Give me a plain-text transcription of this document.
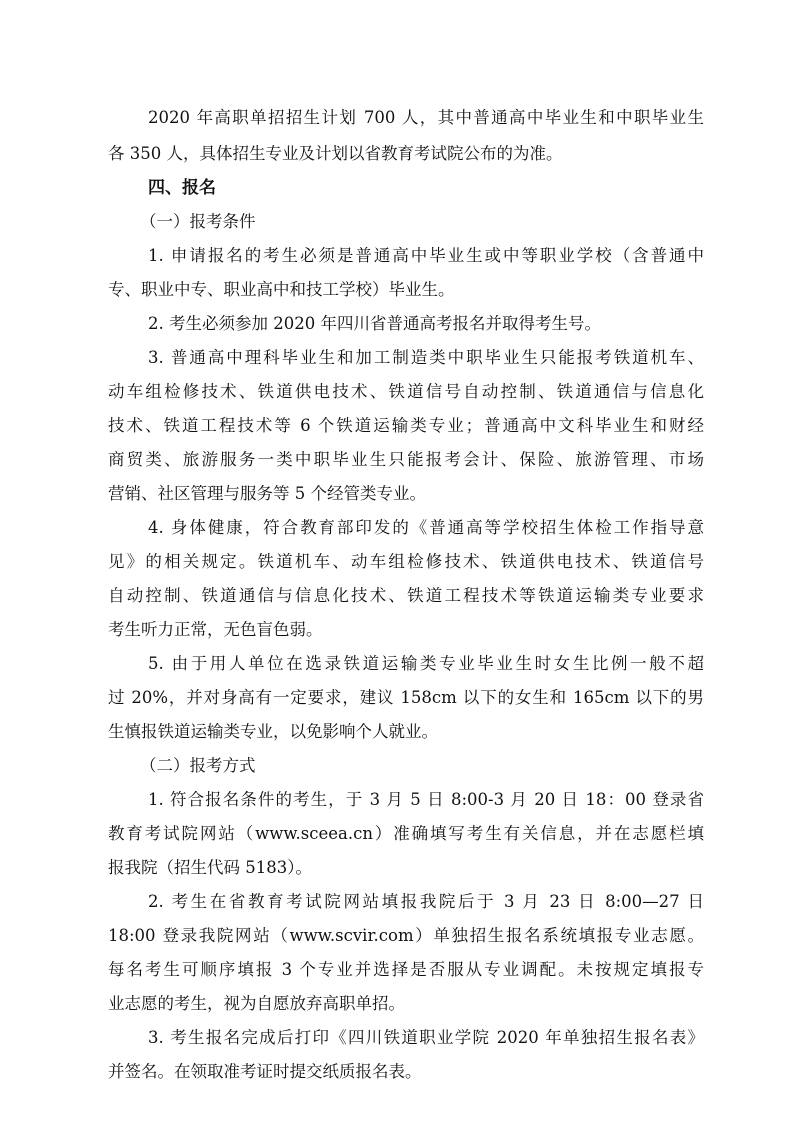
2020 年高职单招招生计划 700 人，其中普通高中毕业生和中职毕业生
各 350 人，具体招生专业及计划以省教育考试院公布的为准。
四、报名
（一）报考条件
1. 申请报名的考生必须是普通高中毕业生或中等职业学校（含普通中
专、职业中专、职业高中和技工学校）毕业生。
2. 考生必须参加 2020 年四川省普通高考报名并取得考生号。
3. 普通高中理科毕业生和加工制造类中职毕业生只能报考铁道机车、
动车组检修技术、铁道供电技术、铁道信号自动控制、铁道通信与信息化
技术、铁道工程技术等 6 个铁道运输类专业；普通高中文科毕业生和财经
商贸类、旅游服务一类中职毕业生只能报考会计、保险、旅游管理、市场
营销、社区管理与服务等 5 个经管类专业。
4. 身体健康，符合教育部印发的《普通高等学校招生体检工作指导意
见》的相关规定。铁道机车、动车组检修技术、铁道供电技术、铁道信号
自动控制、铁道通信与信息化技术、铁道工程技术等铁道运输类专业要求
考生听力正常，无色盲色弱。
5. 由于用人单位在选录铁道运输类专业毕业生时女生比例一般不超
过 20%，并对身高有一定要求，建议 158cm 以下的女生和 165cm 以下的男
生慎报铁道运输类专业，以免影响个人就业。
（二）报考方式
1. 符合报名条件的考生，于 3 月 5 日 8:00-3 月 20 日 18：00 登录省
教育考试院网站（www.sceea.cn）准确填写考生有关信息，并在志愿栏填
报我院（招生代码 5183）。
2. 考生在省教育考试院网站填报我院后于 3 月 23 日 8:00—27 日
18:00 登录我院网站（www.scvir.com）单独招生报名系统填报专业志愿。
每名考生可顺序填报 3 个专业并选择是否服从专业调配。未按规定填报专
业志愿的考生，视为自愿放弃高职单招。
3. 考生报名完成后打印《四川铁道职业学院 2020 年单独招生报名表》
并签名。在领取准考证时提交纸质报名表。
